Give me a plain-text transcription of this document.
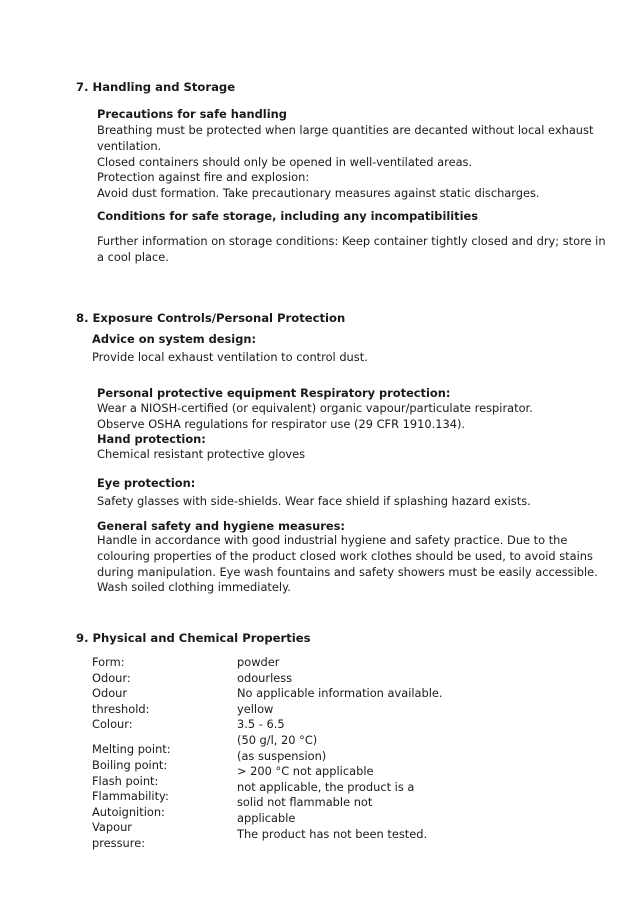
7. Handling and Storage
Precautions for safe handling
Breathing must be protected when large quantities are decanted without local exhaust
ventilation.
Closed containers should only be opened in well-ventilated areas.
Protection against fire and explosion:
Avoid dust formation. Take precautionary measures against static discharges.
Conditions for safe storage, including any incompatibilities
Further information on storage conditions: Keep container tightly closed and dry; store in
a cool place.
8. Exposure Controls/Personal Protection
Advice on system design:
Provide local exhaust ventilation to control dust.
Personal protective equipment Respiratory protection:
Wear a NIOSH-certified (or equivalent) organic vapour/particulate respirator.
Observe OSHA regulations for respirator use (29 CFR 1910.134).
Hand protection:
Chemical resistant protective gloves
Eye protection:
Safety glasses with side-shields. Wear face shield if splashing hazard exists.
General safety and hygiene measures:
Handle in accordance with good industrial hygiene and safety practice. Due to the
colouring properties of the product closed work clothes should be used, to avoid stains
during manipulation. Eye wash fountains and safety showers must be easily accessible.
Wash soiled clothing immediately.
9. Physical and Chemical Properties
Form:
Odour:
Odour
threshold:
Colour:
Melting point:
Boiling point:
Flash point:
Flammability:
Autoignition:
Vapour
pressure:
powder
odourless
No applicable information available.
yellow
3.5 - 6.5
(50 g/l, 20 °C)
(as suspension)
> 200 °C not applicable
not applicable, the product is a
solid not flammable not
applicable
The product has not been tested.
